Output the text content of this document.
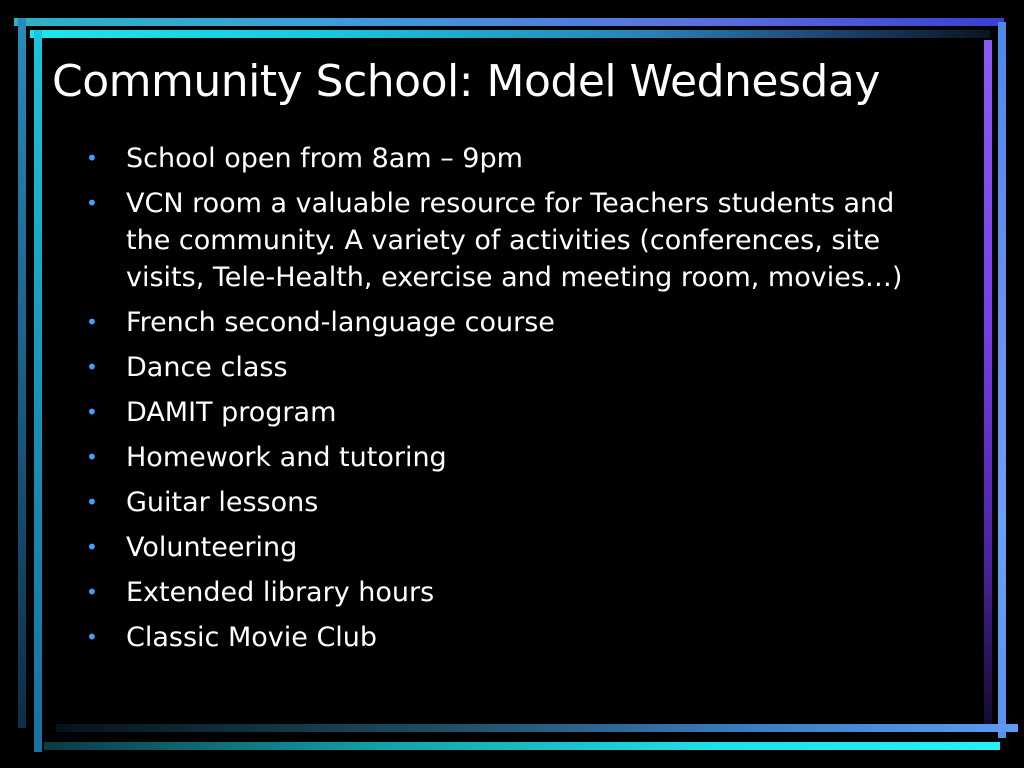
Community School: Model Wednesday
• School open from 8am – 9pm
• VCN room a valuable resource for Teachers students and the community. A variety of activities (conferences, site visits, Tele-Health, exercise and meeting room, movies…)
• French second-language course
• Dance class
• DAMIT program
• Homework and tutoring
• Guitar lessons
• Volunteering
• Extended library hours
• Classic Movie Club
